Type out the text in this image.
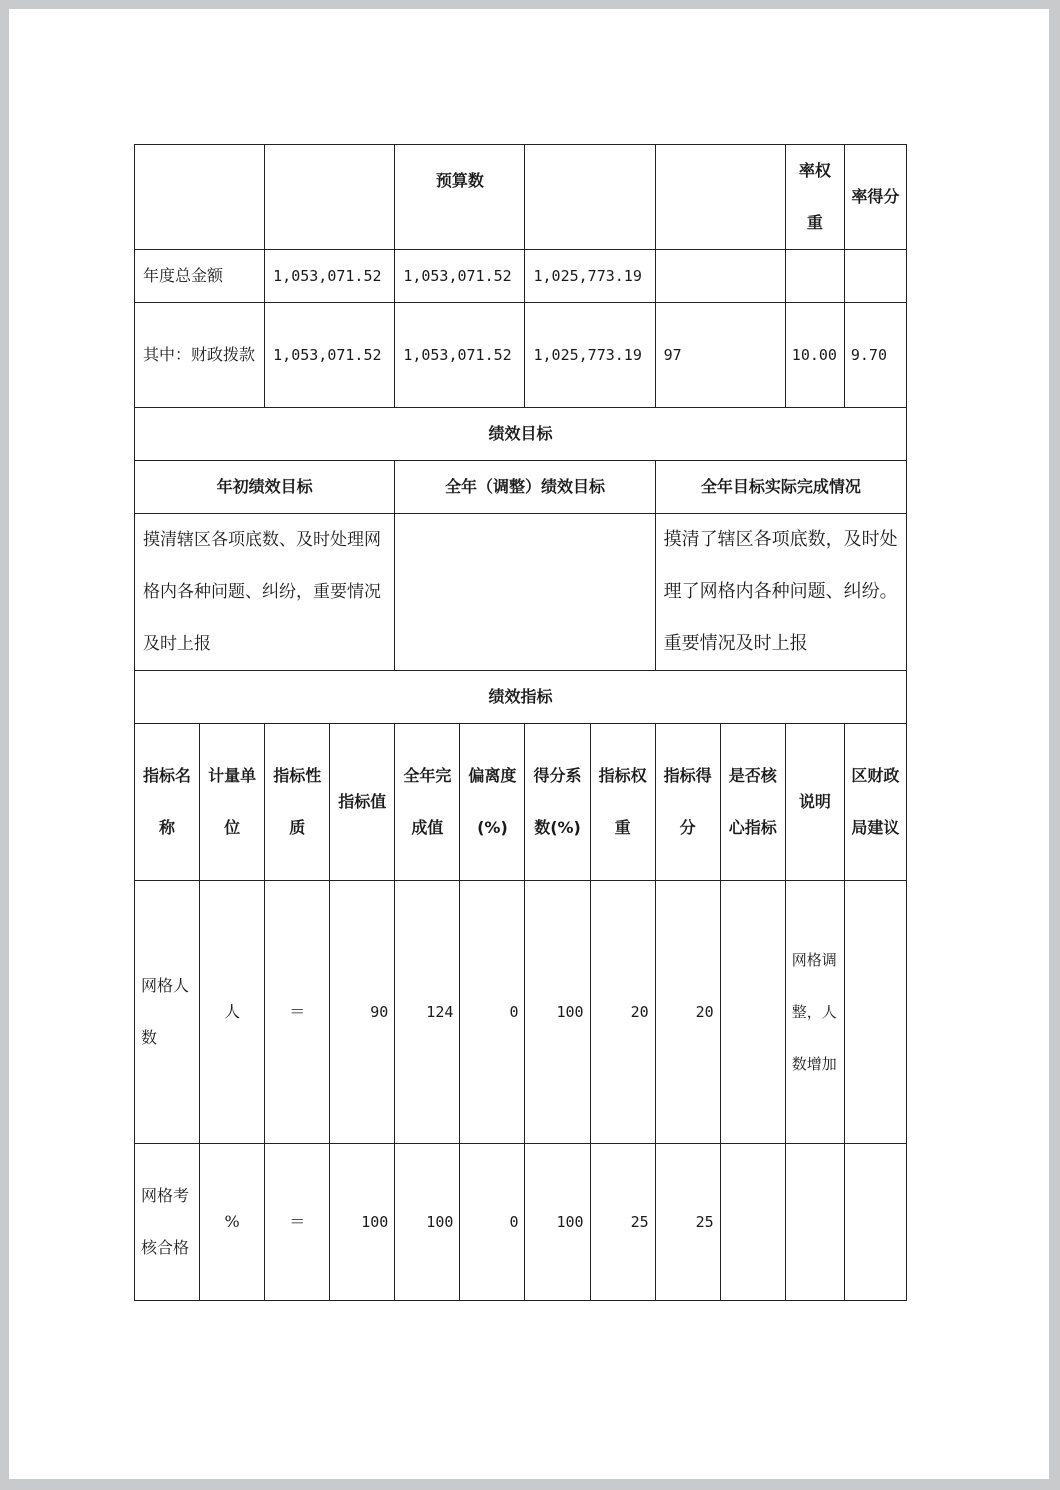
				预算数						率权重	率得分
年度总金额		1,053,071.52		1,053,071.52		1,025,773.19					
其中：财政拨款		1,053,071.52		1,053,071.52		1,025,773.19		97		10.00	9.70
绩效目标											
年初绩效目标				全年（调整）绩效目标				全年目标实际完成情况			
摸清辖区各项底数、及时处理网格内各种问题、纠纷，重要情况及时上报								摸清了辖区各项底数，及时处理了网格内各种问题、纠纷。重要情况及时上报			
绩效指标											
指标名称	计量单位	指标性质	指标值	全年完成值	偏离度(%)	得分系数(%)	指标权重	指标得分	是否核心指标	说明	区财政局建议
网格人数	人	＝	90	124	0	100	20	20		网格调整，人数增加	
网格考核合格	%	＝	100	100	0	100	25	25			
